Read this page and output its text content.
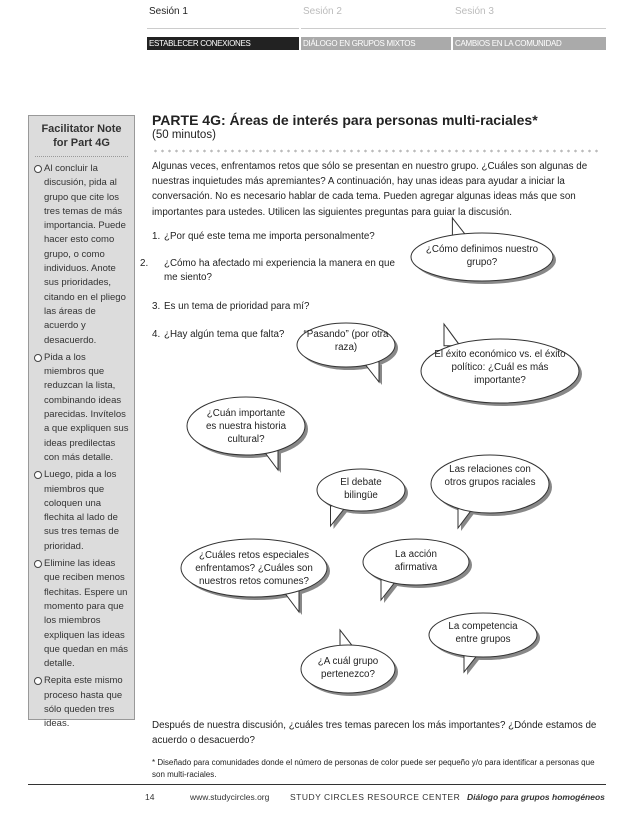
Sesión 1	Sesión 2	Sesión 3
ESTABLECER CONEXIONES	DIÁLOGO EN GRUPOS MIXTOS	CAMBIOS EN LA COMUNIDAD
Facilitator Note
for Part 4G
Al concluir la discusión, pida al grupo que cite los tres temas de más importancia. Puede hacer esto como grupo, o como individuos. Anote sus prioridades, citando en el pliego las áreas de acuerdo y desacuerdo.
Pida a los miembros que reduzcan la lista, combinando ideas parecidas. Invítelos a que expliquen sus ideas predilectas con más detalle.
Luego, pida a los miembros que coloquen una flechita al lado de sus tres temas de prioridad.
Elimine las ideas que reciben menos flechitas. Espere un momento para que los miembros expliquen las ideas que quedan en más detalle.
Repita este mismo proceso hasta que sólo queden tres ideas.
PARTE 4G: Áreas de interés para personas multi-raciales*
(50 minutos)
Algunas veces, enfrentamos retos que sólo se presentan en nuestro grupo. ¿Cuáles son algunas de nuestras inquietudes más apremiantes? A continuación, hay unas ideas para ayudar a iniciar la conversación. No es necesario hablar de cada tema. Pueden agregar algunas ideas más que son importantes para ustedes. Utilicen las siguientes preguntas para guiar la discusión.
1. ¿Por qué este tema me importa personalmente?
2. ¿Cómo ha afectado mi experiencia la manera en que me siento?
3. Es un tema de prioridad para mí?
4. ¿Hay algún tema que falta?
¿Cómo definimos nuestro grupo?
“Pasando” (por otra raza)
El éxito económico vs. el éxito político: ¿Cuál es más importante?
¿Cuán importante es nuestra historia cultural?
El debate bilingüe
Las relaciones con otros grupos raciales
¿Cuáles retos especiales enfrentamos? ¿Cuáles son nuestros retos comunes?
La acción afirmativa
La competencia entre grupos
¿A cuál grupo pertenezco?
Después de nuestra discusión, ¿cuáles tres temas parecen los más importantes? ¿Dónde estamos de acuerdo o desacuerdo?
* Diseñado para comunidades donde el número de personas de color puede ser pequeño y/o para identificar a personas que son multi-raciales.
14	www.studycircles.org STUDY CIRCLES RESOURCE CENTER Diálogo para grupos homogéneos
